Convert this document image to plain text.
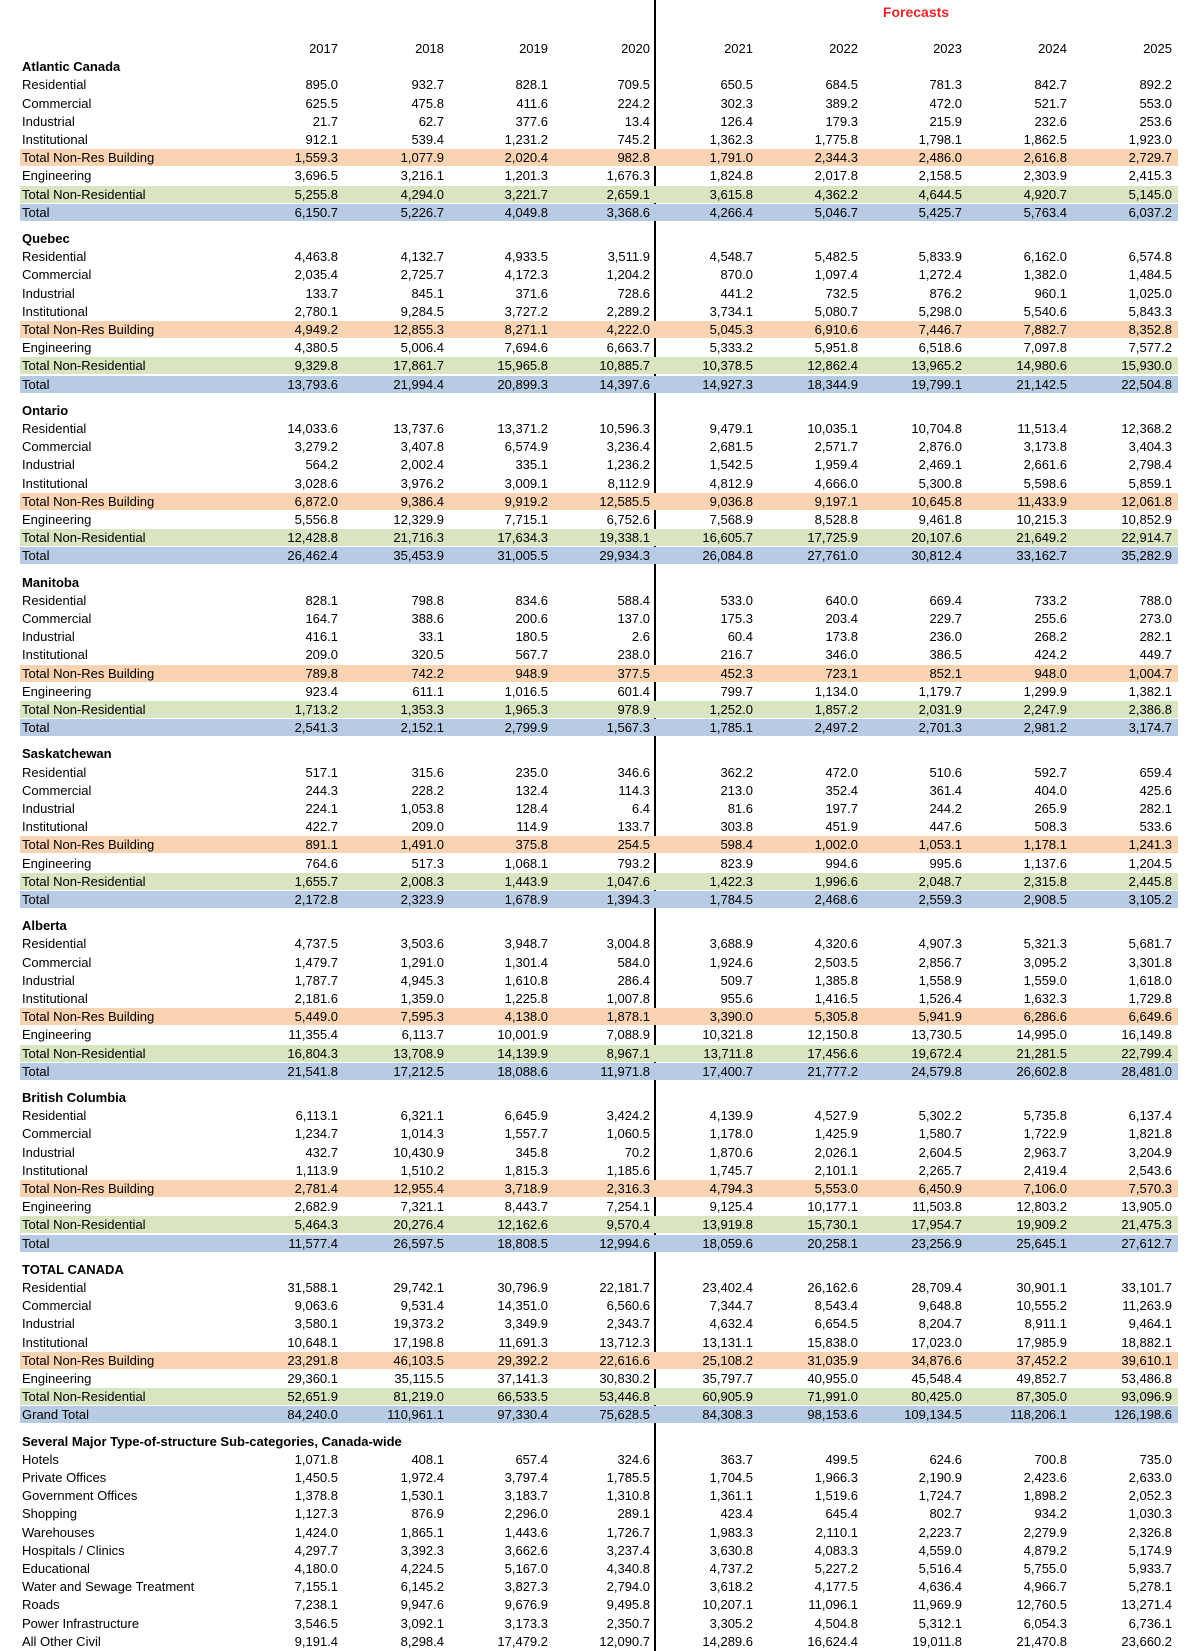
Forecasts
2017	2018	2019	2020	2021	2022	2023	2024	2025
Atlantic Canada
Residential	895.0	932.7	828.1	709.5	650.5	684.5	781.3	842.7	892.2
Commercial	625.5	475.8	411.6	224.2	302.3	389.2	472.0	521.7	553.0
Industrial	21.7	62.7	377.6	13.4	126.4	179.3	215.9	232.6	253.6
Institutional	912.1	539.4	1,231.2	745.2	1,362.3	1,775.8	1,798.1	1,862.5	1,923.0
Total Non-Res Building	1,559.3	1,077.9	2,020.4	982.8	1,791.0	2,344.3	2,486.0	2,616.8	2,729.7
Engineering	3,696.5	3,216.1	1,201.3	1,676.3	1,824.8	2,017.8	2,158.5	2,303.9	2,415.3
Total Non-Residential	5,255.8	4,294.0	3,221.7	2,659.1	3,615.8	4,362.2	4,644.5	4,920.7	5,145.0
Total	6,150.7	5,226.7	4,049.8	3,368.6	4,266.4	5,046.7	5,425.7	5,763.4	6,037.2
Quebec
Residential	4,463.8	4,132.7	4,933.5	3,511.9	4,548.7	5,482.5	5,833.9	6,162.0	6,574.8
Commercial	2,035.4	2,725.7	4,172.3	1,204.2	870.0	1,097.4	1,272.4	1,382.0	1,484.5
Industrial	133.7	845.1	371.6	728.6	441.2	732.5	876.2	960.1	1,025.0
Institutional	2,780.1	9,284.5	3,727.2	2,289.2	3,734.1	5,080.7	5,298.0	5,540.6	5,843.3
Total Non-Res Building	4,949.2	12,855.3	8,271.1	4,222.0	5,045.3	6,910.6	7,446.7	7,882.7	8,352.8
Engineering	4,380.5	5,006.4	7,694.6	6,663.7	5,333.2	5,951.8	6,518.6	7,097.8	7,577.2
Total Non-Residential	9,329.8	17,861.7	15,965.8	10,885.7	10,378.5	12,862.4	13,965.2	14,980.6	15,930.0
Total	13,793.6	21,994.4	20,899.3	14,397.6	14,927.3	18,344.9	19,799.1	21,142.5	22,504.8
Ontario
Residential	14,033.6	13,737.6	13,371.2	10,596.3	9,479.1	10,035.1	10,704.8	11,513.4	12,368.2
Commercial	3,279.2	3,407.8	6,574.9	3,236.4	2,681.5	2,571.7	2,876.0	3,173.8	3,404.3
Industrial	564.2	2,002.4	335.1	1,236.2	1,542.5	1,959.4	2,469.1	2,661.6	2,798.4
Institutional	3,028.6	3,976.2	3,009.1	8,112.9	4,812.9	4,666.0	5,300.8	5,598.6	5,859.1
Total Non-Res Building	6,872.0	9,386.4	9,919.2	12,585.5	9,036.8	9,197.1	10,645.8	11,433.9	12,061.8
Engineering	5,556.8	12,329.9	7,715.1	6,752.6	7,568.9	8,528.8	9,461.8	10,215.3	10,852.9
Total Non-Residential	12,428.8	21,716.3	17,634.3	19,338.1	16,605.7	17,725.9	20,107.6	21,649.2	22,914.7
Total	26,462.4	35,453.9	31,005.5	29,934.3	26,084.8	27,761.0	30,812.4	33,162.7	35,282.9
Manitoba
Residential	828.1	798.8	834.6	588.4	533.0	640.0	669.4	733.2	788.0
Commercial	164.7	388.6	200.6	137.0	175.3	203.4	229.7	255.6	273.0
Industrial	416.1	33.1	180.5	2.6	60.4	173.8	236.0	268.2	282.1
Institutional	209.0	320.5	567.7	238.0	216.7	346.0	386.5	424.2	449.7
Total Non-Res Building	789.8	742.2	948.9	377.5	452.3	723.1	852.1	948.0	1,004.7
Engineering	923.4	611.1	1,016.5	601.4	799.7	1,134.0	1,179.7	1,299.9	1,382.1
Total Non-Residential	1,713.2	1,353.3	1,965.3	978.9	1,252.0	1,857.2	2,031.9	2,247.9	2,386.8
Total	2,541.3	2,152.1	2,799.9	1,567.3	1,785.1	2,497.2	2,701.3	2,981.2	3,174.7
Saskatchewan
Residential	517.1	315.6	235.0	346.6	362.2	472.0	510.6	592.7	659.4
Commercial	244.3	228.2	132.4	114.3	213.0	352.4	361.4	404.0	425.6
Industrial	224.1	1,053.8	128.4	6.4	81.6	197.7	244.2	265.9	282.1
Institutional	422.7	209.0	114.9	133.7	303.8	451.9	447.6	508.3	533.6
Total Non-Res Building	891.1	1,491.0	375.8	254.5	598.4	1,002.0	1,053.1	1,178.1	1,241.3
Engineering	764.6	517.3	1,068.1	793.2	823.9	994.6	995.6	1,137.6	1,204.5
Total Non-Residential	1,655.7	2,008.3	1,443.9	1,047.6	1,422.3	1,996.6	2,048.7	2,315.8	2,445.8
Total	2,172.8	2,323.9	1,678.9	1,394.3	1,784.5	2,468.6	2,559.3	2,908.5	3,105.2
Alberta
Residential	4,737.5	3,503.6	3,948.7	3,004.8	3,688.9	4,320.6	4,907.3	5,321.3	5,681.7
Commercial	1,479.7	1,291.0	1,301.4	584.0	1,924.6	2,503.5	2,856.7	3,095.2	3,301.8
Industrial	1,787.7	4,945.3	1,610.8	286.4	509.7	1,385.8	1,558.9	1,559.0	1,618.0
Institutional	2,181.6	1,359.0	1,225.8	1,007.8	955.6	1,416.5	1,526.4	1,632.3	1,729.8
Total Non-Res Building	5,449.0	7,595.3	4,138.0	1,878.1	3,390.0	5,305.8	5,941.9	6,286.6	6,649.6
Engineering	11,355.4	6,113.7	10,001.9	7,088.9	10,321.8	12,150.8	13,730.5	14,995.0	16,149.8
Total Non-Residential	16,804.3	13,708.9	14,139.9	8,967.1	13,711.8	17,456.6	19,672.4	21,281.5	22,799.4
Total	21,541.8	17,212.5	18,088.6	11,971.8	17,400.7	21,777.2	24,579.8	26,602.8	28,481.0
British Columbia
Residential	6,113.1	6,321.1	6,645.9	3,424.2	4,139.9	4,527.9	5,302.2	5,735.8	6,137.4
Commercial	1,234.7	1,014.3	1,557.7	1,060.5	1,178.0	1,425.9	1,580.7	1,722.9	1,821.8
Industrial	432.7	10,430.9	345.8	70.2	1,870.6	2,026.1	2,604.5	2,963.7	3,204.9
Institutional	1,113.9	1,510.2	1,815.3	1,185.6	1,745.7	2,101.1	2,265.7	2,419.4	2,543.6
Total Non-Res Building	2,781.4	12,955.4	3,718.9	2,316.3	4,794.3	5,553.0	6,450.9	7,106.0	7,570.3
Engineering	2,682.9	7,321.1	8,443.7	7,254.1	9,125.4	10,177.1	11,503.8	12,803.2	13,905.0
Total Non-Residential	5,464.3	20,276.4	12,162.6	9,570.4	13,919.8	15,730.1	17,954.7	19,909.2	21,475.3
Total	11,577.4	26,597.5	18,808.5	12,994.6	18,059.6	20,258.1	23,256.9	25,645.1	27,612.7
TOTAL CANADA
Residential	31,588.1	29,742.1	30,796.9	22,181.7	23,402.4	26,162.6	28,709.4	30,901.1	33,101.7
Commercial	9,063.6	9,531.4	14,351.0	6,560.6	7,344.7	8,543.4	9,648.8	10,555.2	11,263.9
Industrial	3,580.1	19,373.2	3,349.9	2,343.7	4,632.4	6,654.5	8,204.7	8,911.1	9,464.1
Institutional	10,648.1	17,198.8	11,691.3	13,712.3	13,131.1	15,838.0	17,023.0	17,985.9	18,882.1
Total Non-Res Building	23,291.8	46,103.5	29,392.2	22,616.6	25,108.2	31,035.9	34,876.6	37,452.2	39,610.1
Engineering	29,360.1	35,115.5	37,141.3	30,830.2	35,797.7	40,955.0	45,548.4	49,852.7	53,486.8
Total Non-Residential	52,651.9	81,219.0	66,533.5	53,446.8	60,905.9	71,991.0	80,425.0	87,305.0	93,096.9
Grand Total	84,240.0	110,961.1	97,330.4	75,628.5	84,308.3	98,153.6	109,134.5	118,206.1	126,198.6
Several Major Type-of-structure Sub-categories, Canada-wide
Hotels	1,071.8	408.1	657.4	324.6	363.7	499.5	624.6	700.8	735.0
Private Offices	1,450.5	1,972.4	3,797.4	1,785.5	1,704.5	1,966.3	2,190.9	2,423.6	2,633.0
Government Offices	1,378.8	1,530.1	3,183.7	1,310.8	1,361.1	1,519.6	1,724.7	1,898.2	2,052.3
Shopping	1,127.3	876.9	2,296.0	289.1	423.4	645.4	802.7	934.2	1,030.3
Warehouses	1,424.0	1,865.1	1,443.6	1,726.7	1,983.3	2,110.1	2,223.7	2,279.9	2,326.8
Hospitals / Clinics	4,297.7	3,392.3	3,662.6	3,237.4	3,630.8	4,083.3	4,559.0	4,879.2	5,174.9
Educational	4,180.0	4,224.5	5,167.0	4,340.8	4,737.2	5,227.2	5,516.4	5,755.0	5,933.7
Water and Sewage Treatment	7,155.1	6,145.2	3,827.3	2,794.0	3,618.2	4,177.5	4,636.4	4,966.7	5,278.1
Roads	7,238.1	9,947.6	9,676.9	9,495.8	10,207.1	11,096.1	11,969.9	12,760.5	13,271.4
Power Infrastructure	3,546.5	3,092.1	3,173.3	2,350.7	3,305.2	4,504.8	5,312.1	6,054.3	6,736.1
All Other Civil	9,191.4	8,298.4	17,479.2	12,090.7	14,289.6	16,624.4	19,011.8	21,470.8	23,660.2
